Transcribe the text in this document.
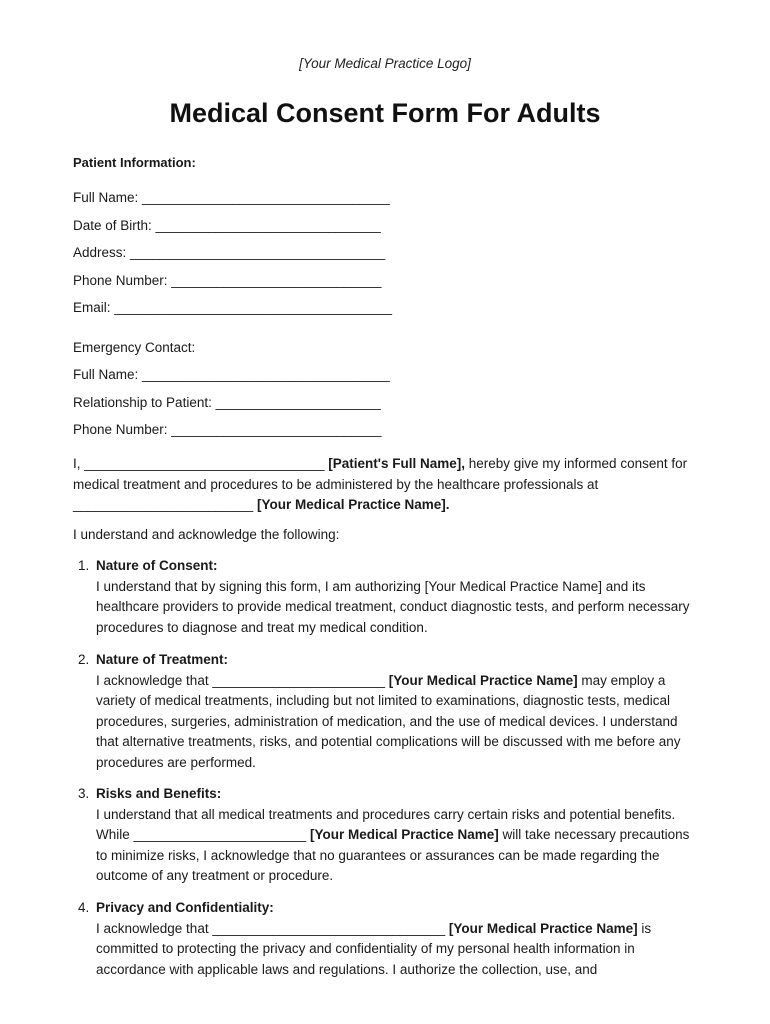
[Your Medical Practice Logo]
Medical Consent Form For Adults
Patient Information:
Full Name: _________________________________
Date of Birth: ______________________________
Address: __________________________________
Phone Number: ____________________________
Email: _____________________________________
Emergency Contact:
Full Name: _________________________________
Relationship to Patient: ______________________
Phone Number: ____________________________
I, ________________________________ [Patient's Full Name], hereby give my informed consent for medical treatment and procedures to be administered by the healthcare professionals at ________________________ [Your Medical Practice Name].
I understand and acknowledge the following:
1. Nature of Consent:
I understand that by signing this form, I am authorizing [Your Medical Practice Name] and its healthcare providers to provide medical treatment, conduct diagnostic tests, and perform necessary procedures to diagnose and treat my medical condition.
2. Nature of Treatment:
I acknowledge that _______________________ [Your Medical Practice Name] may employ a variety of medical treatments, including but not limited to examinations, diagnostic tests, medical procedures, surgeries, administration of medication, and the use of medical devices. I understand that alternative treatments, risks, and potential complications will be discussed with me before any procedures are performed.
3. Risks and Benefits:
I understand that all medical treatments and procedures carry certain risks and potential benefits. While _______________________ [Your Medical Practice Name] will take necessary precautions to minimize risks, I acknowledge that no guarantees or assurances can be made regarding the outcome of any treatment or procedure.
4. Privacy and Confidentiality:
I acknowledge that _______________________________ [Your Medical Practice Name] is committed to protecting the privacy and confidentiality of my personal health information in accordance with applicable laws and regulations. I authorize the collection, use, and
